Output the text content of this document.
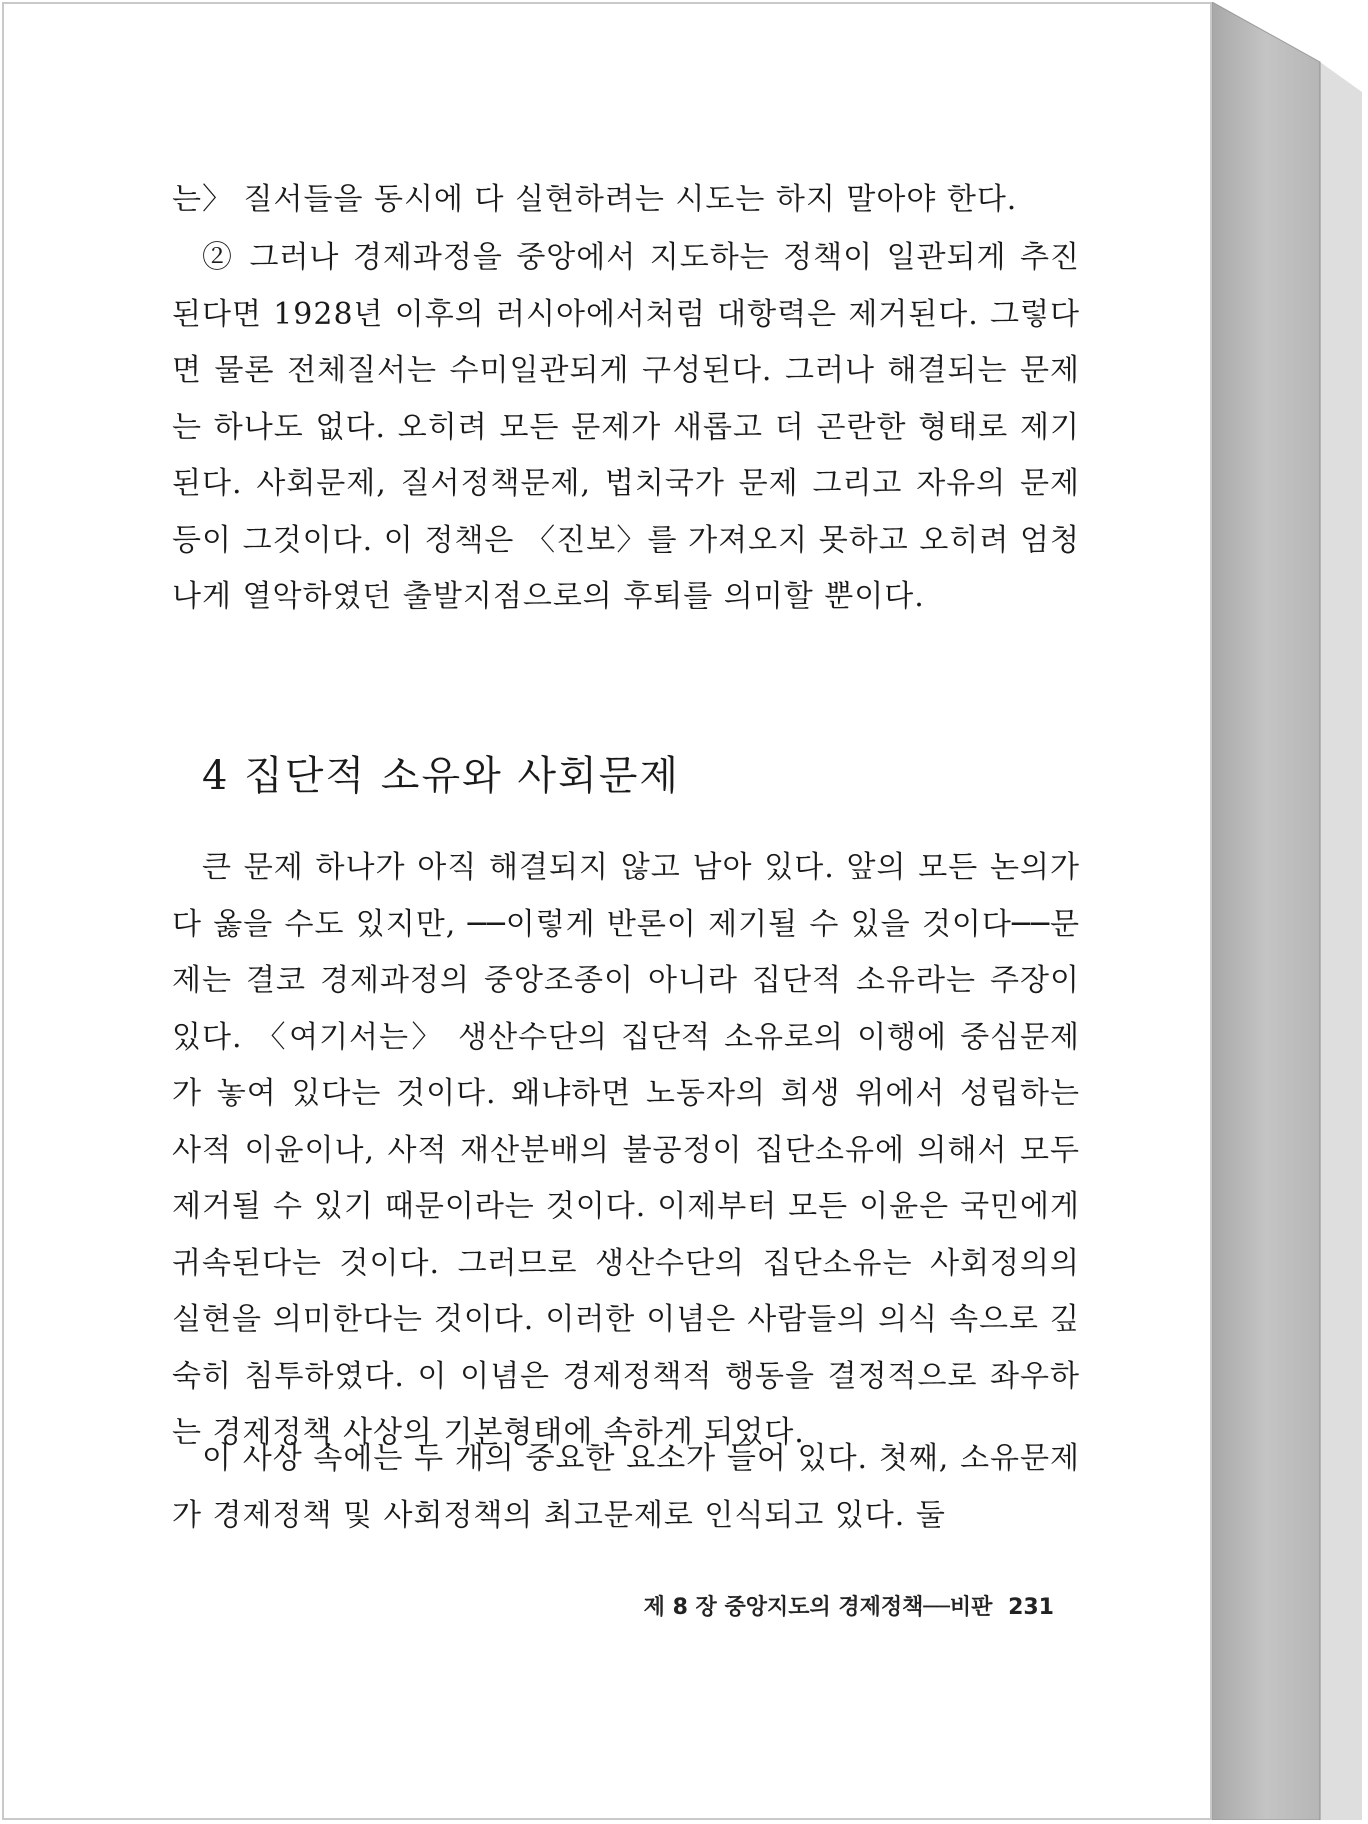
는〉 질서들을 동시에 다 실현하려는 시도는 하지 말아야 한다.

② 그러나 경제과정을 중앙에서 지도하는 정책이 일관되게 추진된다면 1928년 이후의 러시아에서처럼 대항력은 제거된다. 그렇다면 물론 전체질서는 수미일관되게 구성된다. 그러나 해결되는 문제는 하나도 없다. 오히려 모든 문제가 새롭고 더 곤란한 형태로 제기된다. 사회문제, 질서정책문제, 법치국가 문제 그리고 자유의 문제 등이 그것이다. 이 정책은 〈진보〉를 가져오지 못하고 오히려 엄청나게 열악하였던 출발지점으로의 후퇴를 의미할 뿐이다.

4 집단적 소유와 사회문제

큰 문제 하나가 아직 해결되지 않고 남아 있다. 앞의 모든 논의가 다 옳을 수도 있지만, ──이렇게 반론이 제기될 수 있을 것이다──문제는 결코 경제과정의 중앙조종이 아니라 집단적 소유라는 주장이 있다. 〈여기서는〉 생산수단의 집단적 소유로의 이행에 중심문제가 놓여 있다는 것이다. 왜냐하면 노동자의 희생 위에서 성립하는 사적 이윤이나, 사적 재산분배의 불공정이 집단소유에 의해서 모두 제거될 수 있기 때문이라는 것이다. 이제부터 모든 이윤은 국민에게 귀속된다는 것이다. 그러므로 생산수단의 집단소유는 사회정의의 실현을 의미한다는 것이다. 이러한 이념은 사람들의 의식 속으로 깊숙히 침투하였다. 이 이념은 경제정책적 행동을 결정적으로 좌우하는 경제정책 사상의 기본형태에 속하게 되었다.

이 사상 속에는 두 개의 중요한 요소가 들어 있다. 첫째, 소유문제가 경제정책 및 사회정책의 최고문제로 인식되고 있다. 둘

제 8 장 중앙지도의 경제정책──비판 231
